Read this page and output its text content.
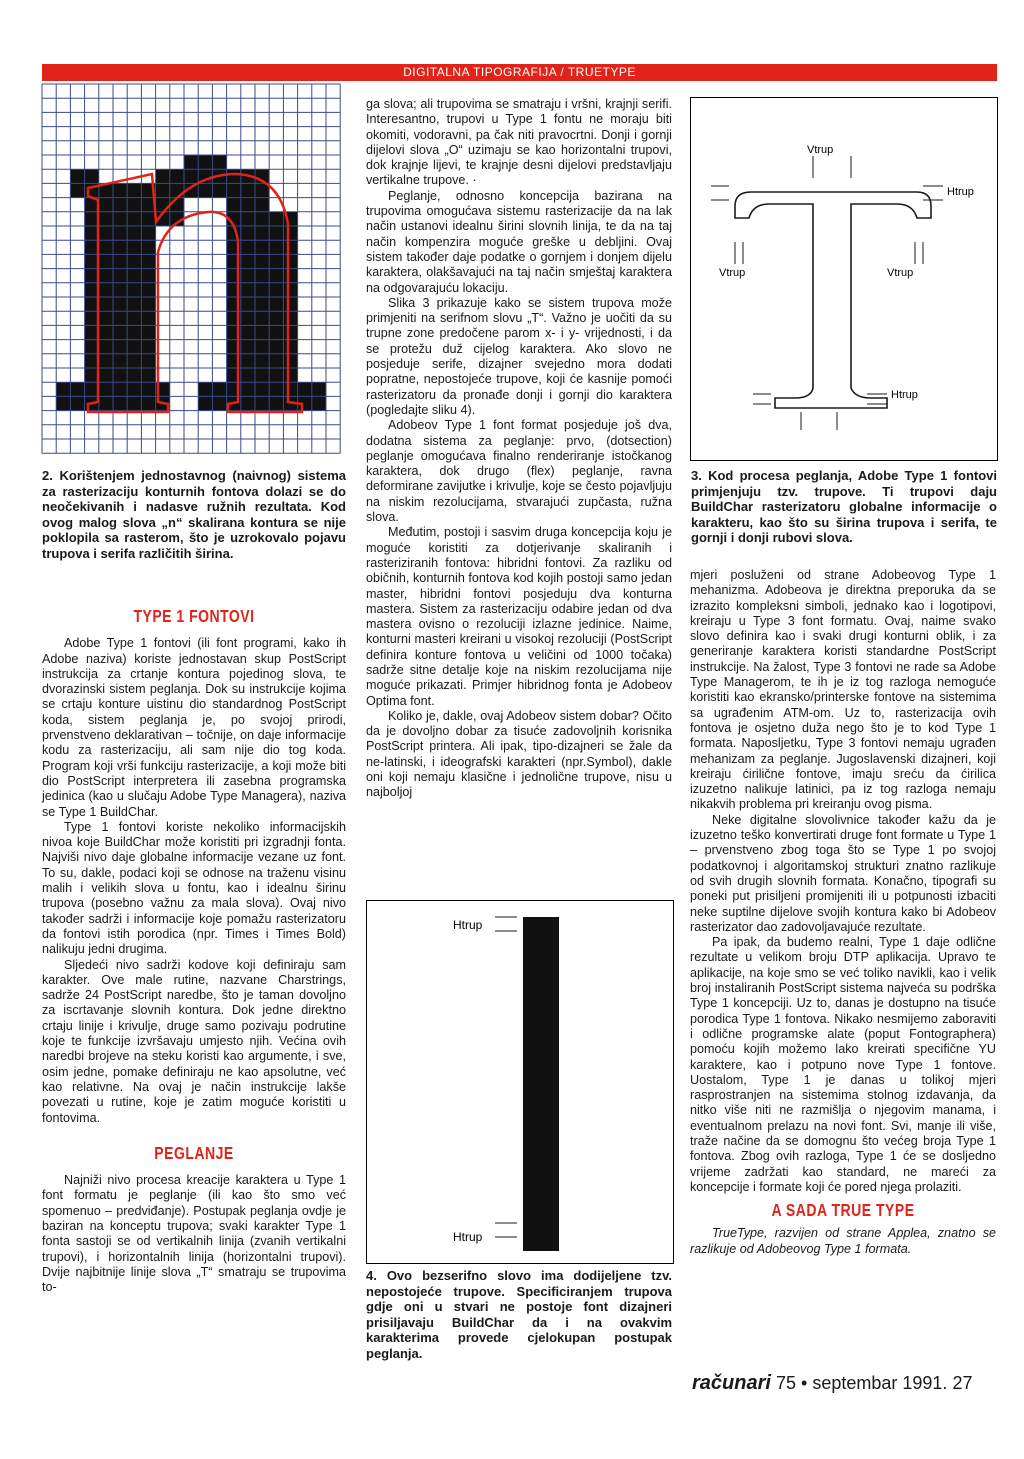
DIGITALNA TIPOGRAFIJA / TRUETYPE
2. Korištenjem jednostavnog (naivnog) sistema za rasterizaciju konturnih fontova dolazi se do neočekivanih i nadasve ružnih rezultata. Kod ovog malog slova „n“ skalirana kontura se nije poklopila sa rasterom, što je uzrokovalo pojavu trupova i serifa različitih širina.
TYPE 1 FONTOVI

Adobe Type 1 fontovi (ili font programi, kako ih Adobe naziva) koriste jednostavan skup PostScript instrukcija za crtanje kontura pojedinog slova, te dvorazinski sistem peglanja. Dok su instrukcije kojima se crtaju konture uistinu dio standardnog PostScript koda, sistem peglanja je, po svojoj prirodi, prvenstveno deklarativan – točnije, on daje informacije kodu za rasterizaciju, ali sam nije dio tog koda. Program koji vrši funkciju rasterizacije, a koji može biti dio PostScript interpretera ili zasebna programska jedinica (kao u slučaju Adobe Type Managera), naziva se Type 1 BuildChar.

Type 1 fontovi koriste nekoliko informacijskih nivoa koje BuildChar može koristiti pri izgradnji fonta. Najviši nivo daje globalne informacije vezane uz font. To su, dakle, podaci koji se odnose na traženu visinu malih i velikih slova u fontu, kao i idealnu širinu trupova (posebno važnu za mala slova). Ovaj nivo također sadrži i informacije koje pomažu rasterizatoru da fontovi istih porodica (npr. Times i Times Bold) nalikuju jedni drugima.

Sljedeći nivo sadrži kodove koji definiraju sam karakter. Ove male rutine, nazvane Charstrings, sadrže 24 PostScript naredbe, što je taman dovoljno za iscrtavanje slovnih kontura. Dok jedne direktno crtaju linije i krivulje, druge samo pozivaju podrutine koje te funkcije izvršavaju umjesto njih. Većina ovih naredbi brojeve na steku koristi kao argumente, i sve, osim jedne, pomake definiraju ne kao apsolutne, već kao relativne. Na ovaj je način instrukcije lakše povezati u rutine, koje je zatim moguće koristiti u fontovima.

PEGLANJE

Najniži nivo procesa kreacije karaktera u Type 1 font formatu je peglanje (ili kao što smo već spomenuo – predviđanje). Postupak peglanja ovdje je baziran na konceptu trupova; svaki karakter Type 1 fonta sastoji se od vertikalnih linija (zvanih vertikalni trupovi), i horizontalnih linija (horizontalni trupovi). Dvije najbitnije linije slova „T“ smatraju se trupovima to-

ga slova; ali trupovima se smatraju i vršni, krajnji serifi. Interesantno, trupovi u Type 1 fontu ne moraju biti okomiti, vodoravni, pa čak niti pravocrtni. Donji i gornji dijelovi slova „O“ uzimaju se kao horizontalni trupovi, dok krajnje lijevi, te krajnje desni dijelovi predstavljaju vertikalne trupove. ·

Peglanje, odnosno koncepcija bazirana na trupovima omogućava sistemu rasterizacije da na lak način ustanovi idealnu širini slovnih linija, te da na taj način kompenzira moguće greške u debljini. Ovaj sistem također daje podatke o gornjem i donjem dijelu karaktera, olakšavajući na taj način smještaj karaktera na odgovarajuću lokaciju.

Slika 3 prikazuje kako se sistem trupova može primjeniti na serifnom slovu „T“. Važno je uočiti da su trupne zone predočene parom x- i y- vrijednosti, i da se protežu duž cijelog karaktera. Ako slovo ne posjeduje serife, dizajner svejedno mora dodati popratne, nepostojeće trupove, koji će kasnije pomoći rasterizatoru da pronađe donji i gornji dio karaktera (pogledajte sliku 4).

Adobeov Type 1 font format posjeduje još dva, dodatna sistema za peglanje: prvo, (dotsection) peglanje omogućava finalno renderiranje istočkanog karaktera, dok drugo (flex) peglanje, ravna deformirane zavijutke i krivulje, koje se često pojavljuju na niskim rezolucijama, stvarajući zupčasta, ružna slova.

Međutim, postoji i sasvim druga koncepcija koju je moguće koristiti za dotjerivanje skaliranih i rasteriziranih fontova: hibridni fontovi. Za razliku od običnih, konturnih fontova kod kojih postoji samo jedan master, hibridni fontovi posjeduju dva konturna mastera. Sistem za rasterizaciju odabire jedan od dva mastera ovisno o rezoluciji izlazne jedinice. Naime, konturni masteri kreirani u visokoj rezoluciji (PostScript definira konture fontova u veličini od 1000 točaka) sadrže sitne detalje koje na niskim rezolucijama nije moguće prikazati. Primjer hibridnog fonta je Adobeov Optima font.

Koliko je, dakle, ovaj Adobeov sistem dobar? Očito da je dovoljno dobar za tisuće zadovoljnih korisnika PostScript printera. Ali ipak, tipo-dizajneri se žale da ne-latinski, i ideografski karakteri (npr.Symbol), dakle oni koji nemaju klasične i jednolične trupove, nisu u najboljoj

Vtrup
Vtrup	Vtrup
Htrup
Htrup
3. Kod procesa peglanja, Adobe Type 1 fontovi primjenjuju tzv. trupove. Ti trupovi daju BuildChar rasterizatoru globalne informacije o karakteru, kao što su širina trupova i serifa, te gornji i donji rubovi slova.
Htrup
Htrup
4. Ovo bezserifno slovo ima dodijeljene tzv. nepostojeće trupove. Specificiranjem trupova gdje oni u stvari ne postoje font dizajneri prisiljavaju BuildChar da i na ovakvim karakterima provede cjelokupan postupak peglanja.

mjeri posluženi od strane Adobeovog Type 1 mehanizma. Adobeova je direktna preporuka da se izrazito kompleksni simboli, jednako kao i logotipovi, kreiraju u Type 3 font formatu. Ovaj, naime svako slovo definira kao i svaki drugi konturni oblik, i za generiranje karaktera koristi standardne PostScript instrukcije. Na žalost, Type 3 fontovi ne rade sa Adobe Type Managerom, te ih je iz tog razloga nemoguće koristiti kao ekransko/printerske fontove na sistemima sa ugrađenim ATM-om. Uz to, rasterizacija ovih fontova je osjetno duža nego što je to kod Type 1 formata. Naposljetku, Type 3 fontovi nemaju ugrađen mehanizam za peglanje. Jugoslavenski dizajneri, koji kreiraju ćirilične fontove, imaju sreću da ćirilica izuzetno nalikuje latinici, pa iz tog razloga nemaju nikakvih problema pri kreiranju ovog pisma.

Neke digitalne slovolivnice također kažu da je izuzetno teško konvertirati druge font formate u Type 1 – prvenstveno zbog toga što se Type 1 po svojoj podatkovnoj i algoritamskoj strukturi znatno razlikuje od svih drugih slovnih formata. Konačno, tipografi su poneki put prisiljeni promijeniti ili u potpunosti izbaciti neke suptilne dijelove svojih kontura kako bi Adobeov rasterizator dao zadovoljavajuće rezultate.

Pa ipak, da budemo realni, Type 1 daje odlične rezultate u velikom broju DTP aplikacija. Upravo te aplikacije, na koje smo se već toliko navikli, kao i velik broj instaliranih PostScript sistema najveća su podrška Type 1 koncepciji. Uz to, danas je dostupno na tisuće porodica Type 1 fontova. Nikako nesmijemo zaboraviti i odlične programske alate (poput Fontographera) pomoću kojih možemo lako kreirati specifične YU karaktere, kao i potpuno nove Type 1 fontove. Uostalom, Type 1 je danas u tolikoj mjeri rasprostranjen na sistemima stolnog izdavanja, da nitko više niti ne razmišlja o njegovim manama, i eventualnom prelazu na novi font. Svi, manje ili više, traže načine da se domognu što većeg broja Type 1 fontova. Zbog ovih razloga, Type 1 će se dosljedno vrijeme zadržati kao standard, ne mareći za koncepcije i formate koji će pored njega prolaziti.

A SADA TRUE TYPE

TrueType, razvijen od strane Applea, znatno se razlikuje od Adobeovog Type 1 formata.

računari 75 • septembar 1991. 27
